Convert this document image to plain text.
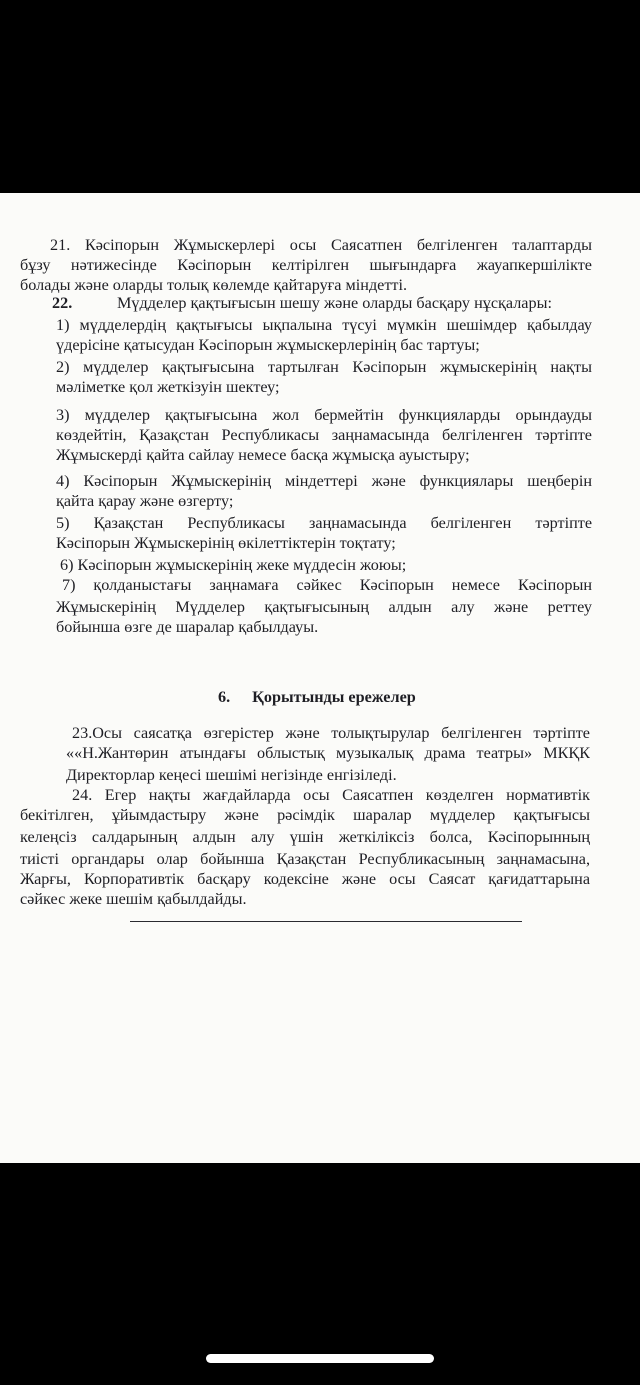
21. Кәсіпорын Жұмыскерлері осы Саясатпен белгіленген талаптарды

бұзу нәтижесінде Кәсіпорын келтірілген шығындарға жауапкершілікте

болады және оларды толық көлемде қайтаруға міндетті.

22.	Мүдделер қақтығысын шешу және оларды басқару нұсқалары:

1) мүдделердің қақтығысы ықпалына түсуі мүмкін шешімдер қабылдау

үдерісіне қатысудан Кәсіпорын жұмыскерлерінің бас тартуы;

2) мүдделер қақтығысына тартылған Кәсіпорын жұмыскерінің нақты

мәліметке қол жеткізуін шектеу;

3) мүдделер қақтығысына жол бермейтін функцияларды орындауды

көздейтін, Қазақстан Республикасы заңнамасында белгіленген тәртіпте

Жұмыскерді қайта сайлау немесе басқа жұмысқа ауыстыру;

4) Кәсіпорын Жұмыскерінің міндеттері және функциялары шеңберін

қайта қарау және өзгерту;

5) Қазақстан Республикасы заңнамасында белгіленген тәртіпте

Кәсіпорын Жұмыскерінің өкілеттіктерін тоқтату;

6) Кәсіпорын жұмыскерінің жеке мүддесін жоюы;

7) қолданыстағы заңнамаға сәйкес Кәсіпорын немесе Кәсіпорын

Жұмыскерінің Мүдделер қақтығысының алдын алу және реттеу

бойынша өзге де шаралар қабылдауы.

6. Қорытынды ережелер

23.Осы саясатқа өзгерістер және толықтырулар белгіленген тәртіпте

««Н.Жантөрин атындағы облыстық музыкалық драма театры» МКҚК

Директорлар кеңесі шешімі негізінде енгізіледі.

24. Егер нақты жағдайларда осы Саясатпен көзделген нормативтік

бекітілген, ұйымдастыру және рәсімдік шаралар мүдделер қақтығысы

келеңсіз салдарының алдын алу үшін жеткіліксіз болса, Кәсіпорынның

тиісті органдары олар бойынша Қазақстан Республикасының заңнамасына,

Жарғы, Корпоративтік басқару кодексіне және осы Саясат қағидаттарына

сәйкес жеке шешім қабылдайды.
